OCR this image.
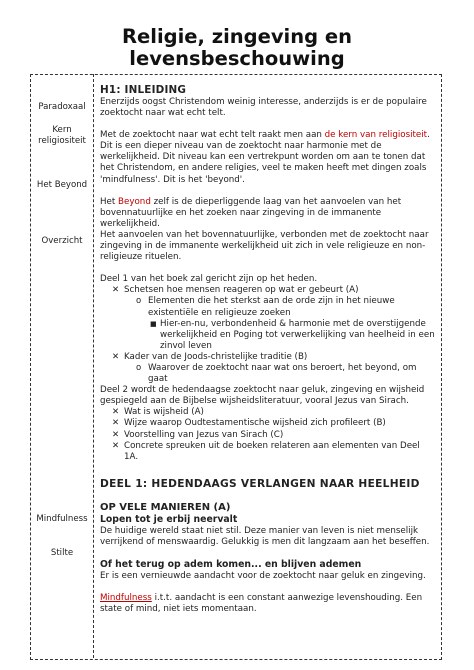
Religie, zingeving en
levensbeschouwing
Paradoxaal
Kern
religiositeit
Het Beyond
Overzicht
Mindfulness
Stilte
H1: INLEIDING

Enerzijds oogst Christendom weinig interesse, anderzijds is er de populaire zoektocht naar wat echt telt.

Met de zoektocht naar wat echt telt raakt men aan de kern van religiositeit. Dit is een dieper niveau van de zoektocht naar harmonie met de werkelijkheid. Dit niveau kan een vertrekpunt worden om aan te tonen dat het Christendom, en andere religies, veel te maken heeft met dingen zoals 'mindfulness'. Dit is het 'beyond'.

Het Beyond zelf is de dieperliggende laag van het aanvoelen van het bovennatuurlijke en het zoeken naar zingeving in de immanente werkelijkheid.

Het aanvoelen van het bovennatuurlijke, verbonden met de zoektocht naar zingeving in de immanente werkelijkheid uit zich in vele religieuze en non-religieuze rituelen.

Deel 1 van het boek zal gericht zijn op het heden.

✕ Schetsen hoe mensen reageren op wat er gebeurt (A)
o Elementen die het sterkst aan de orde zijn in het nieuwe existentiële en religieuze zoeken
■ Hier-en-nu, verbondenheid & harmonie met de overstijgende werkelijkheid en Poging tot verwerkelijking van heelheid in een zinvol leven
✕ Kader van de Joods-christelijke traditie (B)
o Waarover de zoektocht naar wat ons beroert, het beyond, om gaat

Deel 2 wordt de hedendaagse zoektocht naar geluk, zingeving en wijsheid gespiegeld aan de Bijbelse wijsheidsliteratuur, vooral Jezus van Sirach.

✕ Wat is wijsheid (A)
✕ Wijze waarop Oudtestamentische wijsheid zich profileert (B)
✕ Voorstelling van Jezus van Sirach (C)
✕ Concrete spreuken uit de boeken relateren aan elementen van Deel 1A.
DEEL 1: HEDENDAAGS VERLANGEN NAAR HEELHEID
OP VELE MANIEREN (A)
Lopen tot je erbij neervalt

De huidige wereld staat niet stil. Deze manier van leven is niet menselijk verrijkend of menswaardig. Gelukkig is men dit langzaam aan het beseffen.

Of het terug op adem komen... en blijven ademen

Er is een vernieuwde aandacht voor de zoektocht naar geluk en zingeving.

Mindfulness i.t.t. aandacht is een constant aanwezige levenshouding. Een state of mind, niet iets momentaan.
